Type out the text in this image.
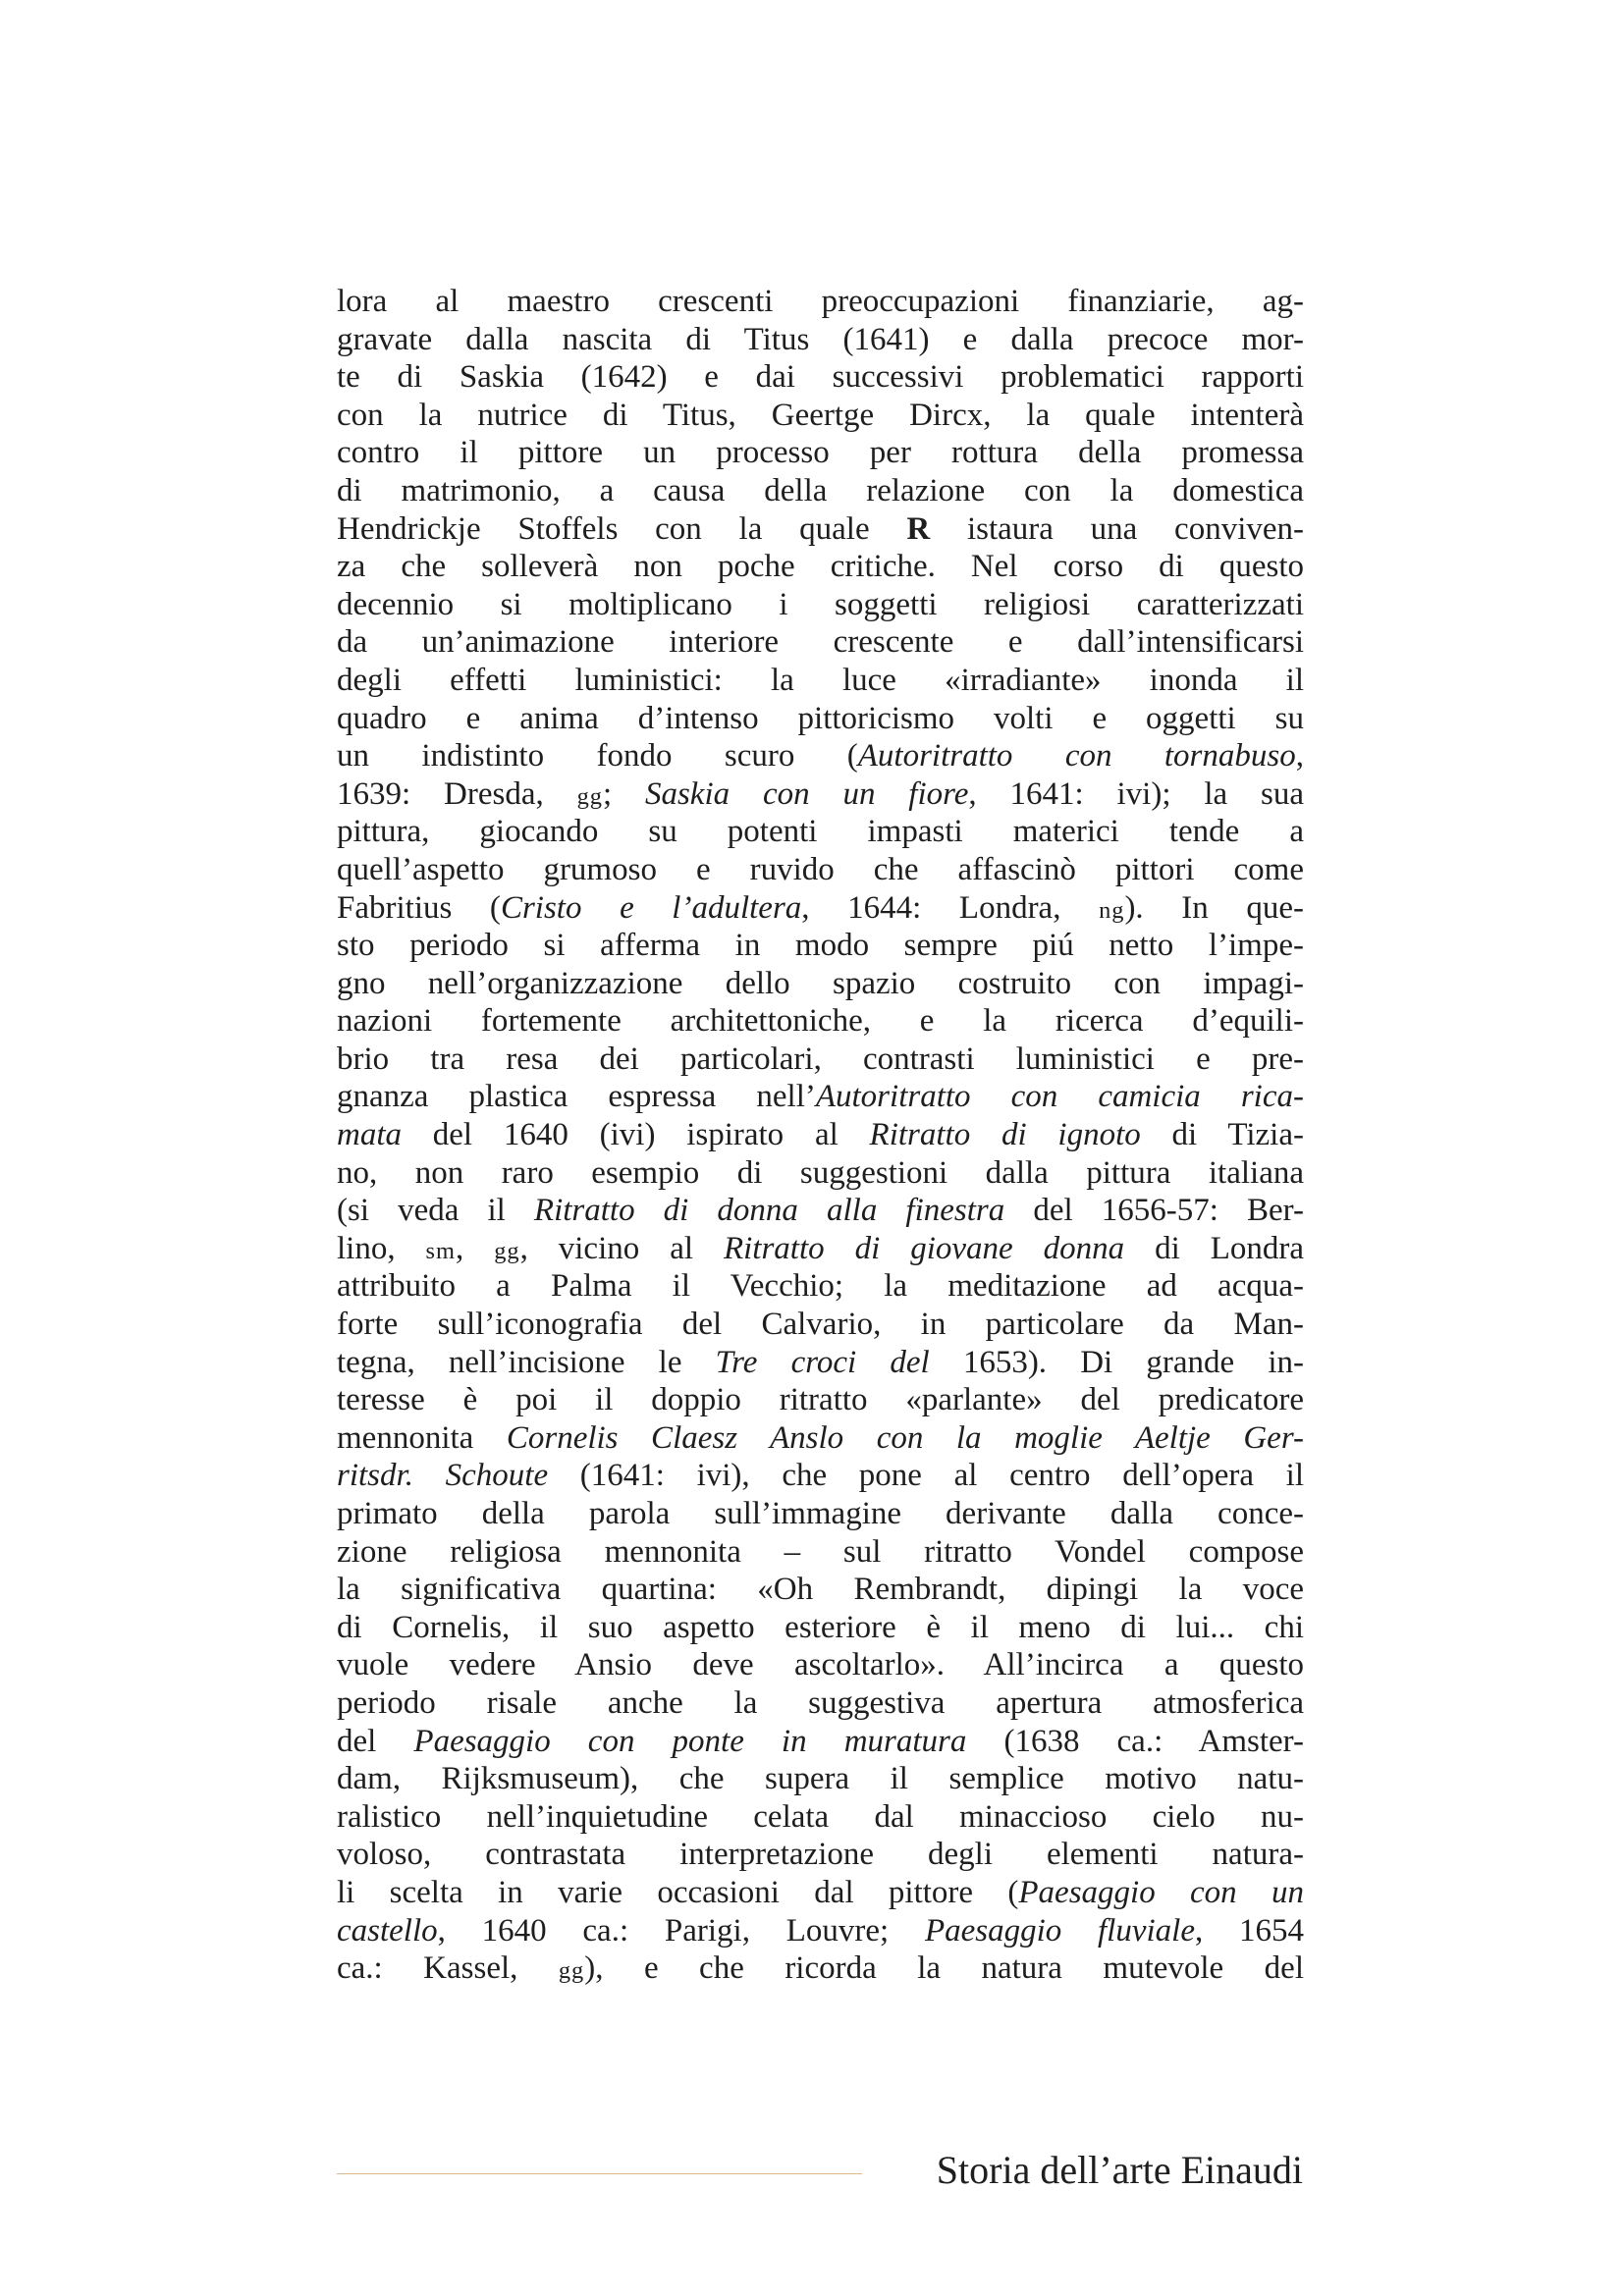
lora al maestro crescenti preoccupazioni finanziarie, ag-
gravate dalla nascita di Titus (1641) e dalla precoce mor-
te di Saskia (1642) e dai successivi problematici rapporti
con la nutrice di Titus, Geertge Dircx, la quale intenterà
contro il pittore un processo per rottura della promessa
di matrimonio, a causa della relazione con la domestica
Hendrickje Stoffels con la quale R istaura una conviven-
za che solleverà non poche critiche. Nel corso di questo
decennio si moltiplicano i soggetti religiosi caratterizzati
da un’animazione interiore crescente e dall’intensificarsi
degli effetti luministici: la luce «irradiante» inonda il
quadro e anima d’intenso pittoricismo volti e oggetti su
un indistinto fondo scuro (Autoritratto con tornabuso,
1639: Dresda, gg; Saskia con un fiore, 1641: ivi); la sua
pittura, giocando su potenti impasti materici tende a
quell’aspetto grumoso e ruvido che affascinò pittori come
Fabritius (Cristo e l’adultera, 1644: Londra, ng). In que-
sto periodo si afferma in modo sempre piú netto l’impe-
gno nell’organizzazione dello spazio costruito con impagi-
nazioni fortemente architettoniche, e la ricerca d’equili-
brio tra resa dei particolari, contrasti luministici e pre-
gnanza plastica espressa nell’Autoritratto con camicia rica-
mata del 1640 (ivi) ispirato al Ritratto di ignoto di Tizia-
no, non raro esempio di suggestioni dalla pittura italiana
(si veda il Ritratto di donna alla finestra del 1656-57: Ber-
lino, sm, gg, vicino al Ritratto di giovane donna di Londra
attribuito a Palma il Vecchio; la meditazione ad acqua-
forte sull’iconografia del Calvario, in particolare da Man-
tegna, nell’incisione le Tre croci del 1653). Di grande in-
teresse è poi il doppio ritratto «parlante» del predicatore
mennonita Cornelis Claesz Anslo con la moglie Aeltje Ger-
ritsdr. Schoute (1641: ivi), che pone al centro dell’opera il
primato della parola sull’immagine derivante dalla conce-
zione religiosa mennonita – sul ritratto Vondel compose
la significativa quartina: «Oh Rembrandt, dipingi la voce
di Cornelis, il suo aspetto esteriore è il meno di lui... chi
vuole vedere Ansio deve ascoltarlo». All’incirca a questo
periodo risale anche la suggestiva apertura atmosferica
del Paesaggio con ponte in muratura (1638 ca.: Amster-
dam, Rijksmuseum), che supera il semplice motivo natu-
ralistico nell’inquietudine celata dal minaccioso cielo nu-
voloso, contrastata interpretazione degli elementi natura-
li scelta in varie occasioni dal pittore (Paesaggio con un
castello, 1640 ca.: Parigi, Louvre; Paesaggio fluviale, 1654
ca.: Kassel, gg), e che ricorda la natura mutevole del
Storia dell’arte Einaudi
